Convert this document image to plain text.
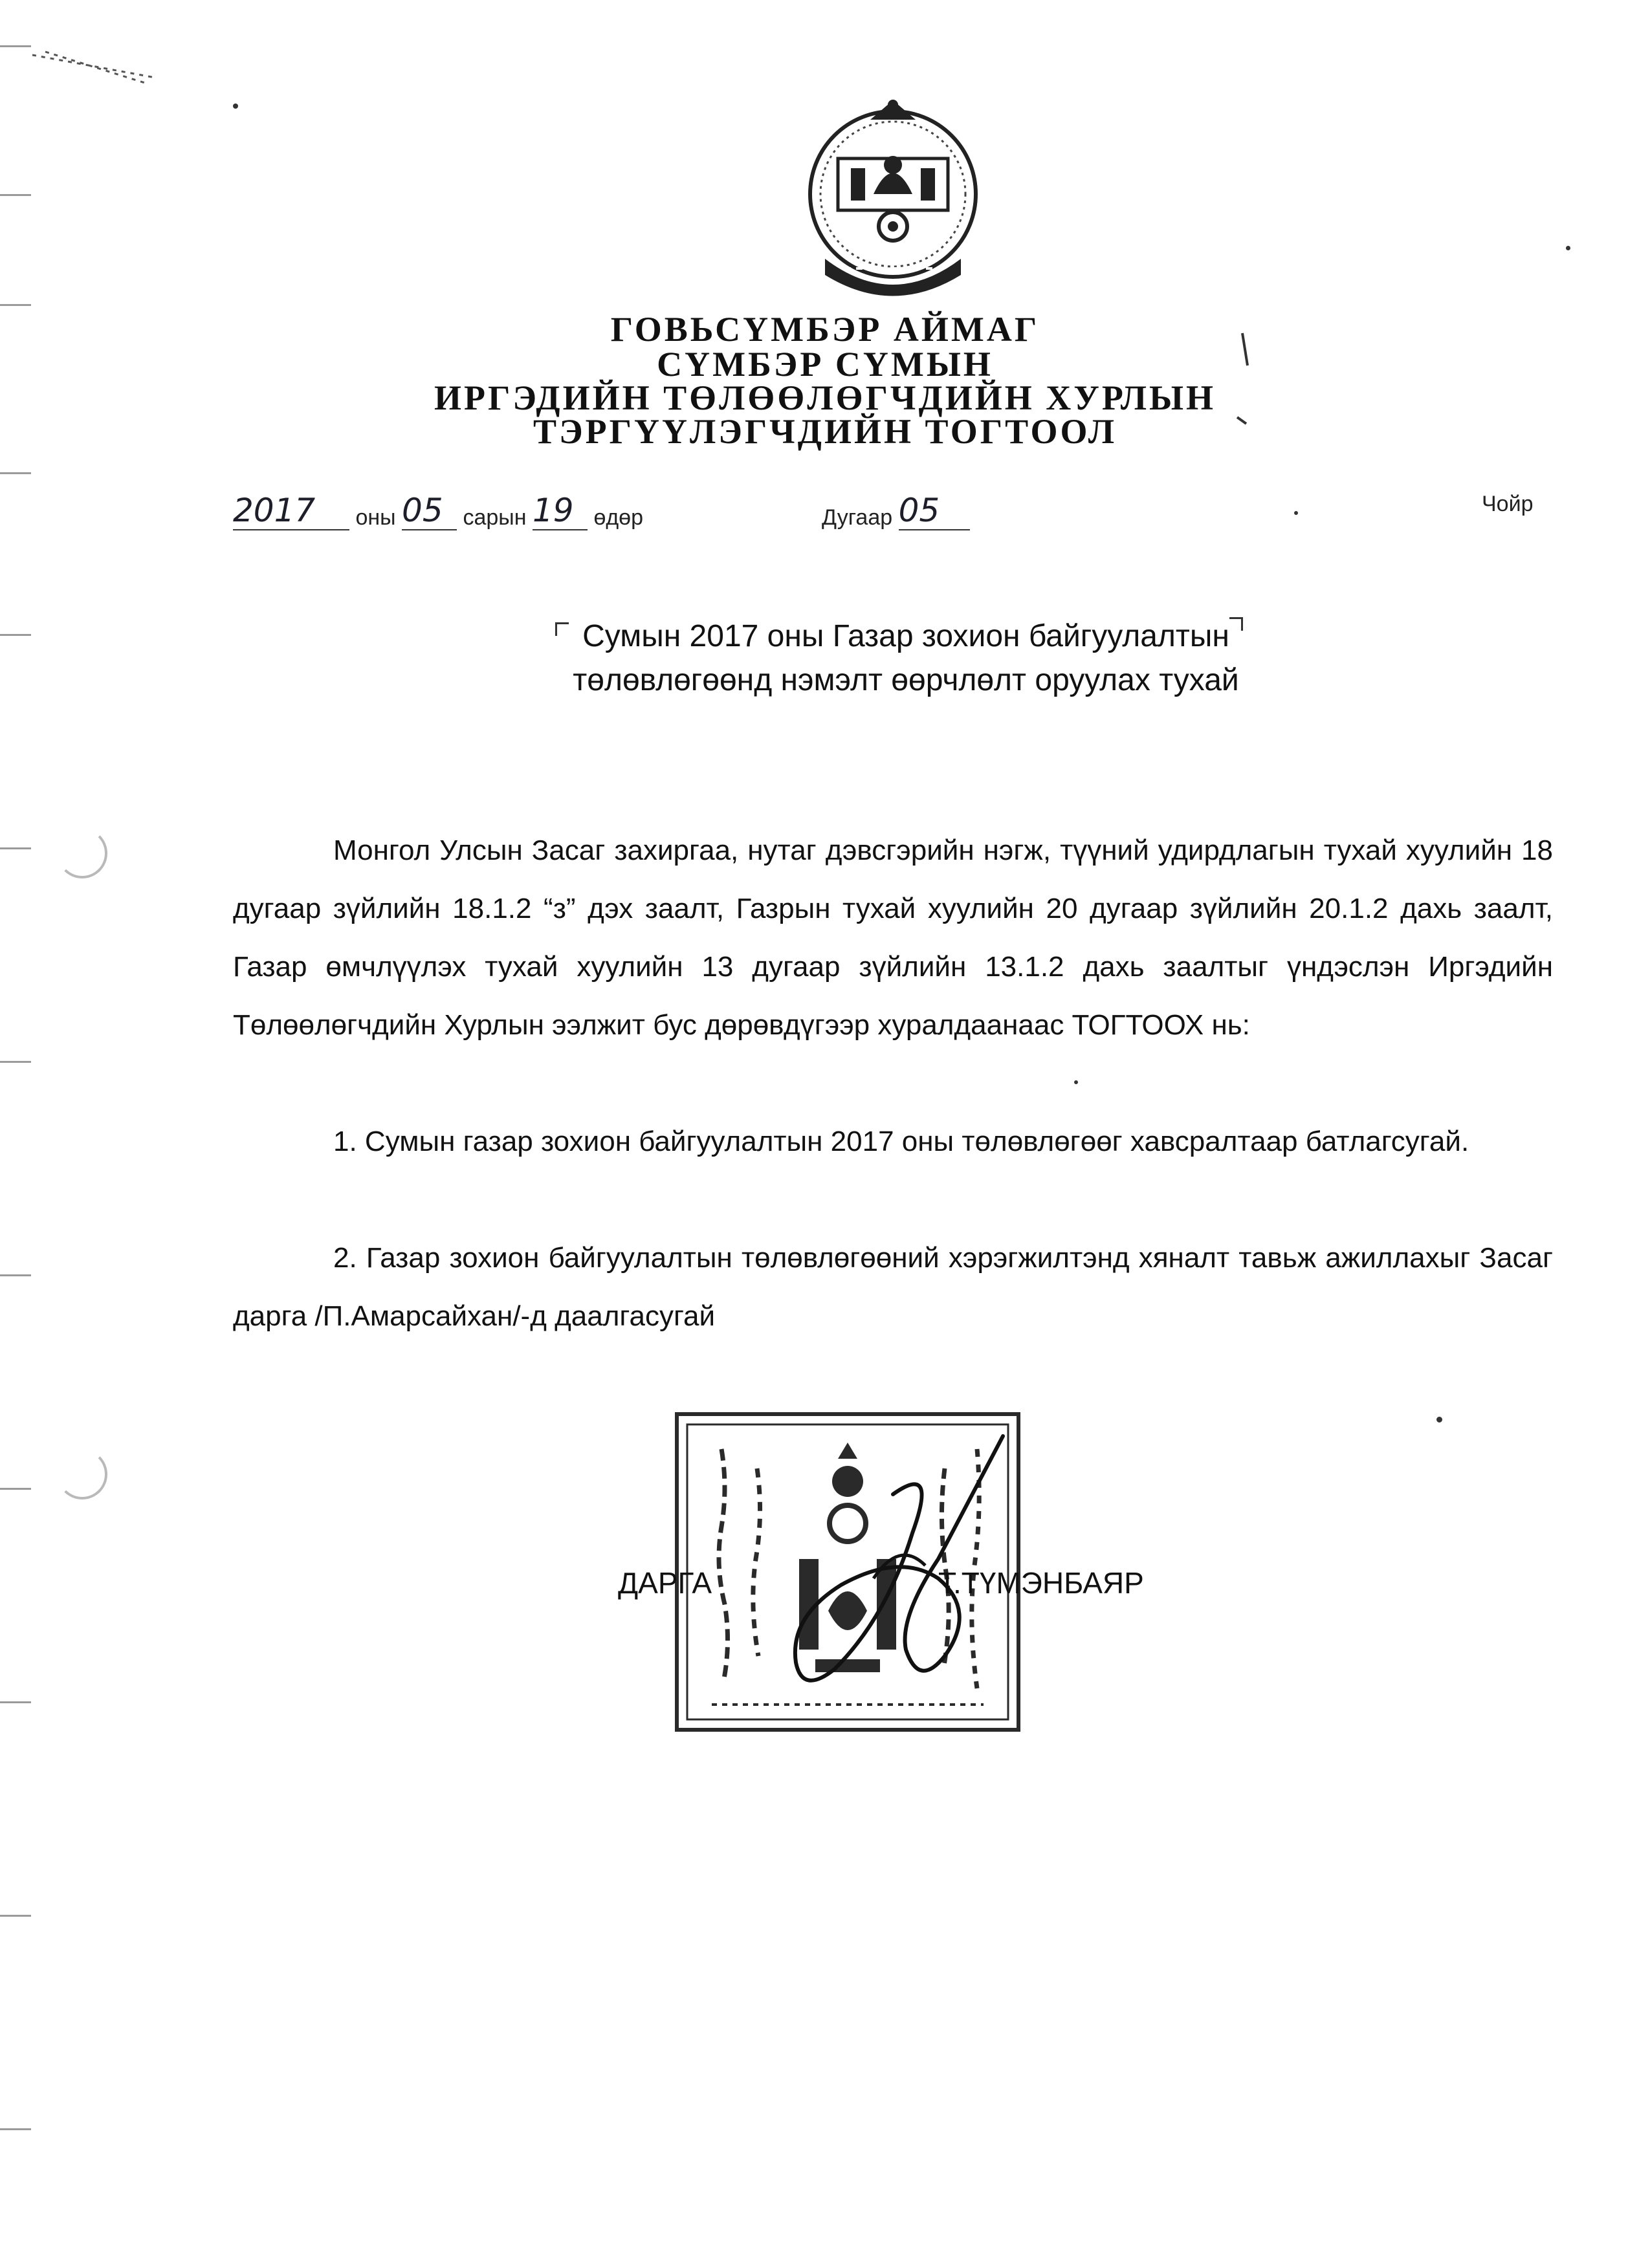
ГОВЬСҮМБЭР АЙМАГ
СҮМБЭР СҮМЫН
ИРГЭДИЙН ТӨЛӨӨЛӨГЧДИЙН ХУРЛЫН
ТЭРГҮҮЛЭГЧДИЙН ТОГТООЛ
2017 оны 05 сарын 19 өдөр	Дугаар 05	Чойр
Сумын 2017 оны Газар зохион байгуулалтын
төлөвлөгөөнд нэмэлт өөрчлөлт оруулах тухай
Монгол Улсын Засаг захиргаа, нутаг дэвсгэрийн нэгж, түүний удирдлагын тухай хуулийн 18 дугаар зүйлийн 18.1.2 “з” дэх заалт, Газрын тухай хуулийн 20 дугаар зүйлийн 20.1.2 дахь заалт, Газар өмчлүүлэх тухай хуулийн 13 дугаар зүйлийн 13.1.2 дахь заалтыг үндэслэн Иргэдийн Төлөөлөгчдийн Хурлын ээлжит бус дөрөвдүгээр хуралдаанаас ТОГТООХ нь:
1. Сумын газар зохион байгуулалтын 2017 оны төлөвлөгөөг хавсралтаар батлагсугай.
2. Газар зохион байгуулалтын төлөвлөгөөний хэрэгжилтэнд хяналт тавьж ажиллахыг Засаг дарга /П.Амарсайхан/-д даалгасугай
ДАРГА	Т.ТҮМЭНБАЯР
